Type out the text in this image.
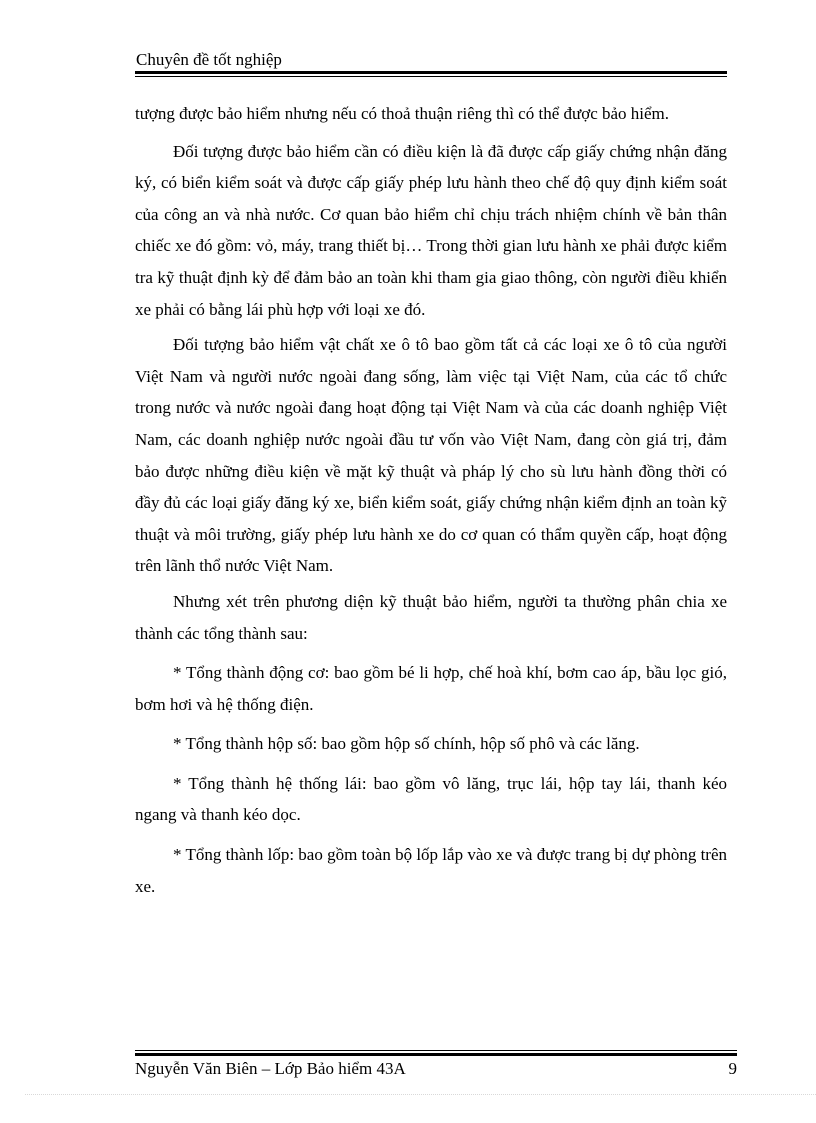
Chuyên đề tốt nghiệp

tượng được bảo hiểm nhưng nếu có thoả thuận riêng thì có thể được bảo hiểm.

Đối tượng được bảo hiểm cần có điều kiện là đã được cấp giấy chứng nhận đăng ký, có biển kiểm soát và được cấp giấy phép lưu hành theo chế độ quy định kiểm soát của công an và nhà nước. Cơ quan bảo hiểm chỉ chịu trách nhiệm chính về bản thân chiếc xe đó gồm: vỏ, máy, trang thiết bị… Trong thời gian lưu hành xe phải được kiểm tra kỹ thuật định kỳ để đảm bảo an toàn khi tham gia giao thông, còn người điều khiển xe phải có bằng lái phù hợp với loại xe đó.

Đối tượng bảo hiểm vật chất xe ô tô bao gồm tất cả các loại xe ô tô của người Việt Nam và người nước ngoài đang sống, làm việc tại Việt Nam, của các tổ chức trong nước và nước ngoài đang hoạt động tại Việt Nam và của các doanh nghiệp Việt Nam, các doanh nghiệp nước ngoài đầu tư vốn vào Việt Nam, đang còn giá trị, đảm bảo được những điều kiện về mặt kỹ thuật và pháp lý cho sù lưu hành đồng thời có đầy đủ các loại giấy đăng ký xe, biển kiểm soát, giấy chứng nhận kiểm định an toàn kỹ thuật và môi trường, giấy phép lưu hành xe do cơ quan có thẩm quyền cấp, hoạt động trên lãnh thổ nước Việt Nam.

Nhưng xét trên phương diện kỹ thuật bảo hiểm, người ta thường phân chia xe thành các tổng thành sau:

* Tổng thành động cơ: bao gồm bé li hợp, chế hoà khí, bơm cao áp, bầu lọc gió, bơm hơi và hệ thống điện.

* Tổng thành hộp số: bao gồm hộp số chính, hộp số phô và các lăng.

* Tổng thành hệ thống lái: bao gồm vô lăng, trục lái, hộp tay lái, thanh kéo ngang và thanh kéo dọc.

* Tổng thành lốp: bao gồm toàn bộ lốp lắp vào xe và được trang bị dự phòng trên xe.

Nguyễn Văn Biên – Lớp Bảo hiểm 43A	9
